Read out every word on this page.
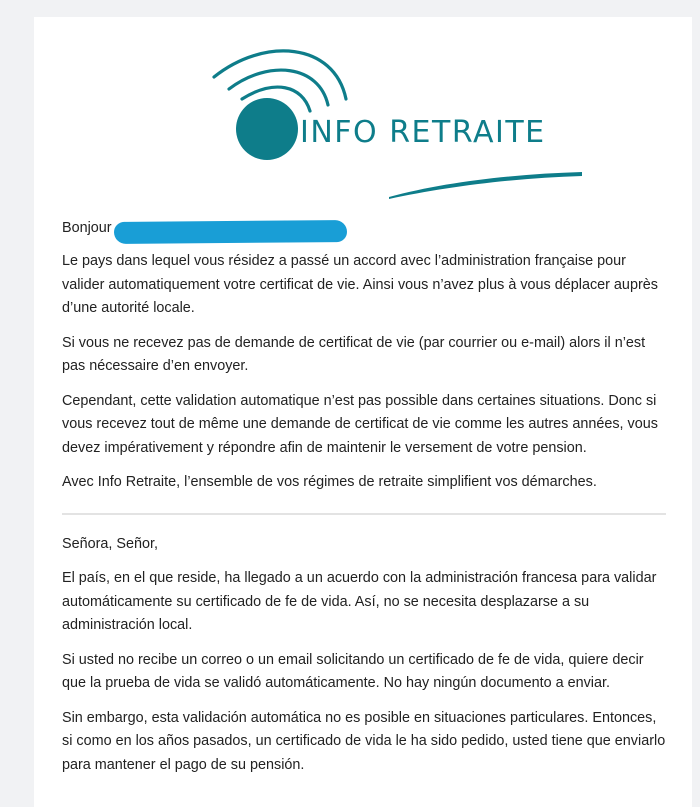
INFO RETRAITE
Bonjour

Le pays dans lequel vous résidez a passé un accord avec l’administration française pour valider automatiquement votre certificat de vie. Ainsi vous n’avez plus à vous déplacer auprès d’une autorité locale.

Si vous ne recevez pas de demande de certificat de vie (par courrier ou e-mail) alors il n’est pas nécessaire d’en envoyer.

Cependant, cette validation automatique n’est pas possible dans certaines situations. Donc si vous recevez tout de même une demande de certificat de vie comme les autres années, vous devez impérativement y répondre afin de maintenir le versement de votre pension.

Avec Info Retraite, l’ensemble de vos régimes de retraite simplifient vos démarches.

Señora, Señor,

El país, en el que reside, ha llegado a un acuerdo con la administración francesa para validar automáticamente su certificado de fe de vida. Así, no se necesita desplazarse a su administración local.

Si usted no recibe un correo o un email solicitando un certificado de fe de vida, quiere decir que la prueba de vida se validó automáticamente. No hay ningún documento a enviar.

Sin embargo, esta validación automática no es posible en situaciones particulares. Entonces, si como en los años pasados, un certificado de vida le ha sido pedido, usted tiene que enviarlo para mantener el pago de su pensión.
